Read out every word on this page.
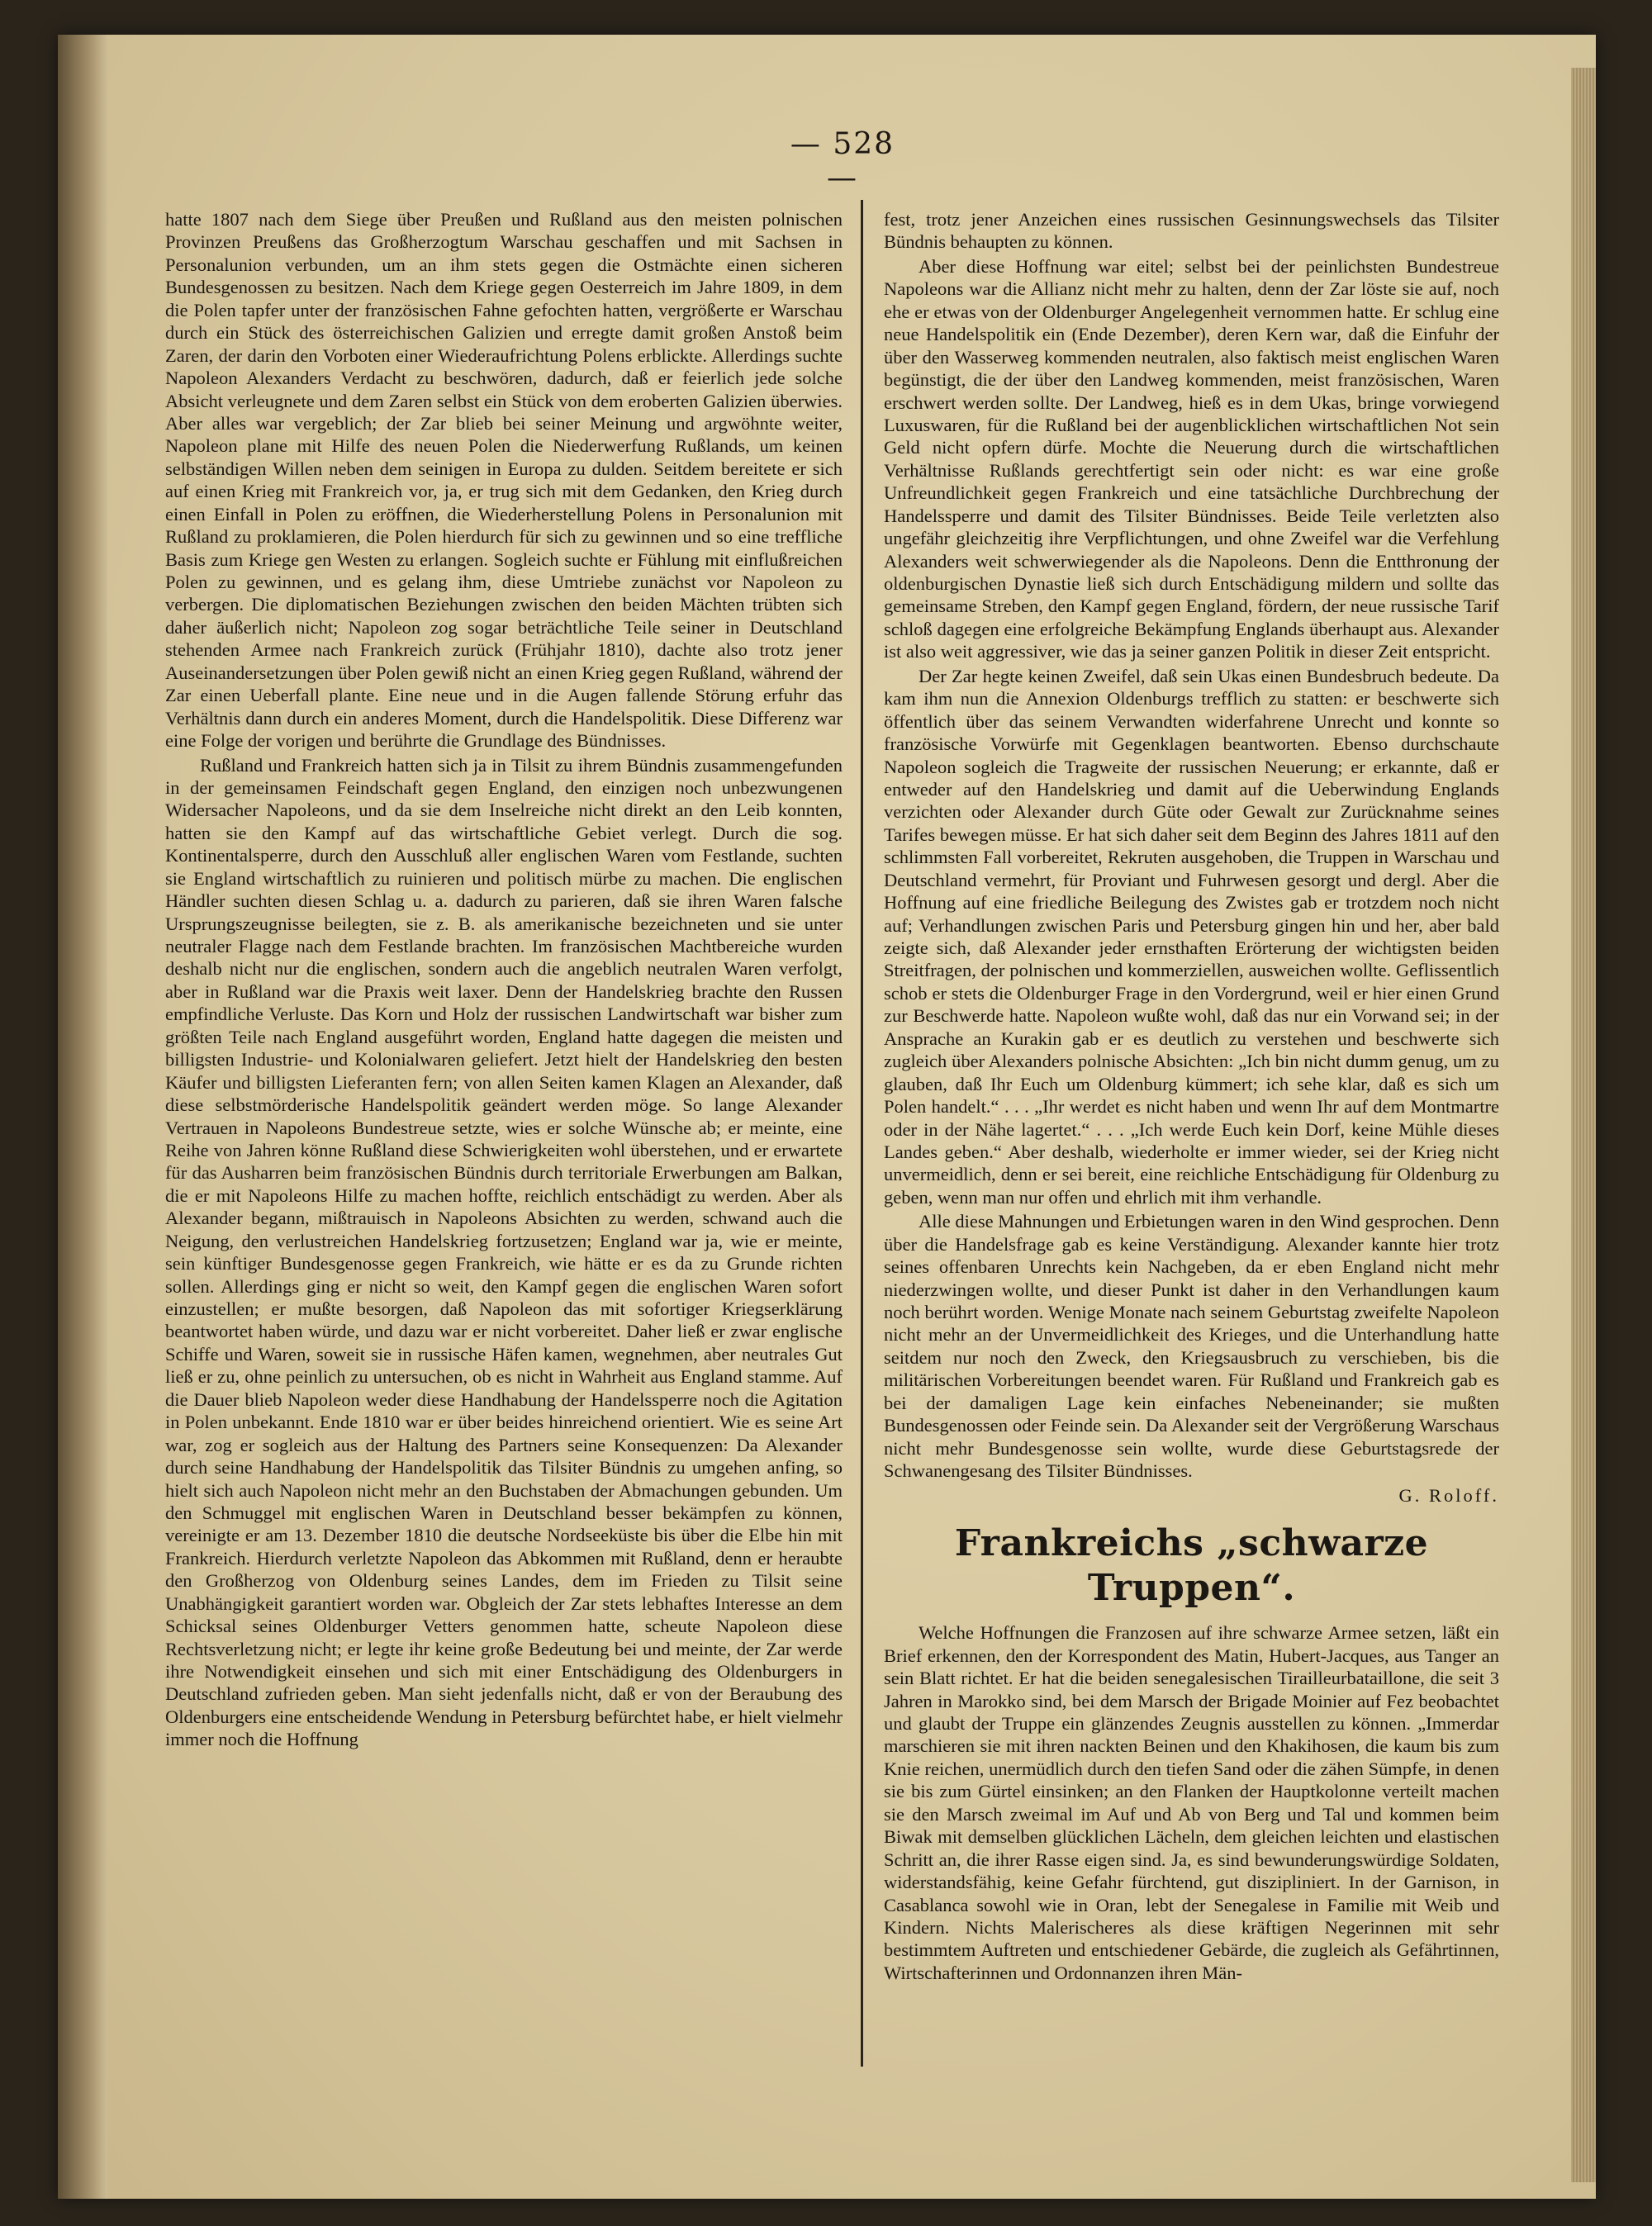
— 528 —

hatte 1807 nach dem Siege über Preußen und Rußland aus den meisten polnischen Provinzen Preußens das Großherzogtum Warschau geschaffen und mit Sachsen in Personalunion verbunden, um an ihm stets gegen die Ostmächte einen sicheren Bundesgenossen zu besitzen. Nach dem Kriege gegen Oesterreich im Jahre 1809, in dem die Polen tapfer unter der französischen Fahne gefochten hatten, vergrößerte er Warschau durch ein Stück des österreichischen Galizien und erregte damit großen Anstoß beim Zaren, der darin den Vorboten einer Wiederaufrichtung Polens erblickte. Allerdings suchte Napoleon Alexanders Verdacht zu beschwören, dadurch, daß er feierlich jede solche Absicht verleugnete und dem Zaren selbst ein Stück von dem eroberten Galizien überwies. Aber alles war vergeblich; der Zar blieb bei seiner Meinung und argwöhnte weiter, Napoleon plane mit Hilfe des neuen Polen die Niederwerfung Rußlands, um keinen selbständigen Willen neben dem seinigen in Europa zu dulden. Seitdem bereitete er sich auf einen Krieg mit Frankreich vor, ja, er trug sich mit dem Gedanken, den Krieg durch einen Einfall in Polen zu eröffnen, die Wiederherstellung Polens in Personalunion mit Rußland zu proklamieren, die Polen hierdurch für sich zu gewinnen und so eine treffliche Basis zum Kriege gen Westen zu erlangen. Sogleich suchte er Fühlung mit einflußreichen Polen zu gewinnen, und es gelang ihm, diese Umtriebe zunächst vor Napoleon zu verbergen. Die diplomatischen Beziehungen zwischen den beiden Mächten trübten sich daher äußerlich nicht; Napoleon zog sogar beträchtliche Teile seiner in Deutschland stehenden Armee nach Frankreich zurück (Frühjahr 1810), dachte also trotz jener Auseinandersetzungen über Polen gewiß nicht an einen Krieg gegen Rußland, während der Zar einen Ueberfall plante. Eine neue und in die Augen fallende Störung erfuhr das Verhältnis dann durch ein anderes Moment, durch die Handelspolitik. Diese Differenz war eine Folge der vorigen und berührte die Grundlage des Bündnisses.

Rußland und Frankreich hatten sich ja in Tilsit zu ihrem Bündnis zusammengefunden in der gemeinsamen Feindschaft gegen England, den einzigen noch unbezwungenen Widersacher Napoleons, und da sie dem Inselreiche nicht direkt an den Leib konnten, hatten sie den Kampf auf das wirtschaftliche Gebiet verlegt. Durch die sog. Kontinentalsperre, durch den Ausschluß aller englischen Waren vom Festlande, suchten sie England wirtschaftlich zu ruinieren und politisch mürbe zu machen. Die englischen Händler suchten diesen Schlag u. a. dadurch zu parieren, daß sie ihren Waren falsche Ursprungszeugnisse beilegten, sie z. B. als amerikanische bezeichneten und sie unter neutraler Flagge nach dem Festlande brachten. Im französischen Machtbereiche wurden deshalb nicht nur die englischen, sondern auch die angeblich neutralen Waren verfolgt, aber in Rußland war die Praxis weit laxer. Denn der Handelskrieg brachte den Russen empfindliche Verluste. Das Korn und Holz der russischen Landwirtschaft war bisher zum größten Teile nach England ausgeführt worden, England hatte dagegen die meisten und billigsten Industrie- und Kolonialwaren geliefert. Jetzt hielt der Handelskrieg den besten Käufer und billigsten Lieferanten fern; von allen Seiten kamen Klagen an Alexander, daß diese selbstmörderische Handelspolitik geändert werden möge. So lange Alexander Vertrauen in Napoleons Bundestreue setzte, wies er solche Wünsche ab; er meinte, eine Reihe von Jahren könne Rußland diese Schwierigkeiten wohl überstehen, und er erwartete für das Ausharren beim französischen Bündnis durch territoriale Erwerbungen am Balkan, die er mit Napoleons Hilfe zu machen hoffte, reichlich entschädigt zu werden. Aber als Alexander begann, mißtrauisch in Napoleons Absichten zu werden, schwand auch die Neigung, den verlustreichen Handelskrieg fortzusetzen; England war ja, wie er meinte, sein künftiger Bundesgenosse gegen Frankreich, wie hätte er es da zu Grunde richten sollen. Allerdings ging er nicht so weit, den Kampf gegen die englischen Waren sofort einzustellen; er mußte besorgen, daß Napoleon das mit sofortiger Kriegserklärung beantwortet haben würde, und dazu war er nicht vorbereitet. Daher ließ er zwar englische Schiffe und Waren, soweit sie in russische Häfen kamen, wegnehmen, aber neutrales Gut ließ er zu, ohne peinlich zu untersuchen, ob es nicht in Wahrheit aus England stamme. Auf die Dauer blieb Napoleon weder diese Handhabung der Handelssperre noch die Agitation in Polen unbekannt. Ende 1810 war er über beides hinreichend orientiert. Wie es seine Art war, zog er sogleich aus der Haltung des Partners seine Konsequenzen: Da Alexander durch seine Handhabung der Handelspolitik das Tilsiter Bündnis zu umgehen anfing, so hielt sich auch Napoleon nicht mehr an den Buchstaben der Abmachungen gebunden. Um den Schmuggel mit englischen Waren in Deutschland besser bekämpfen zu können, vereinigte er am 13. Dezember 1810 die deutsche Nordseeküste bis über die Elbe hin mit Frankreich. Hierdurch verletzte Napoleon das Abkommen mit Rußland, denn er heraubte den Großherzog von Oldenburg seines Landes, dem im Frieden zu Tilsit seine Unabhängigkeit garantiert worden war. Obgleich der Zar stets lebhaftes Interesse an dem Schicksal seines Oldenburger Vetters genommen hatte, scheute Napoleon diese Rechtsverletzung nicht; er legte ihr keine große Bedeutung bei und meinte, der Zar werde ihre Notwendigkeit einsehen und sich mit einer Entschädigung des Oldenburgers in Deutschland zufrieden geben. Man sieht jedenfalls nicht, daß er von der Beraubung des Oldenburgers eine entscheidende Wendung in Petersburg befürchtet habe, er hielt vielmehr immer noch die Hoffnung

fest, trotz jener Anzeichen eines russischen Gesinnungswechsels das Tilsiter Bündnis behaupten zu können.

Aber diese Hoffnung war eitel; selbst bei der peinlichsten Bundestreue Napoleons war die Allianz nicht mehr zu halten, denn der Zar löste sie auf, noch ehe er etwas von der Oldenburger Angelegenheit vernommen hatte. Er schlug eine neue Handelspolitik ein (Ende Dezember), deren Kern war, daß die Einfuhr der über den Wasserweg kommenden neutralen, also faktisch meist englischen Waren begünstigt, die der über den Landweg kommenden, meist französischen, Waren erschwert werden sollte. Der Landweg, hieß es in dem Ukas, bringe vorwiegend Luxuswaren, für die Rußland bei der augenblicklichen wirtschaftlichen Not sein Geld nicht opfern dürfe. Mochte die Neuerung durch die wirtschaftlichen Verhältnisse Rußlands gerechtfertigt sein oder nicht: es war eine große Unfreundlichkeit gegen Frankreich und eine tatsächliche Durchbrechung der Handelssperre und damit des Tilsiter Bündnisses. Beide Teile verletzten also ungefähr gleichzeitig ihre Verpflichtungen, und ohne Zweifel war die Verfehlung Alexanders weit schwerwiegender als die Napoleons. Denn die Entthronung der oldenburgischen Dynastie ließ sich durch Entschädigung mildern und sollte das gemeinsame Streben, den Kampf gegen England, fördern, der neue russische Tarif schloß dagegen eine erfolgreiche Bekämpfung Englands überhaupt aus. Alexander ist also weit aggressiver, wie das ja seiner ganzen Politik in dieser Zeit entspricht.

Der Zar hegte keinen Zweifel, daß sein Ukas einen Bundesbruch bedeute. Da kam ihm nun die Annexion Oldenburgs trefflich zu statten: er beschwerte sich öffentlich über das seinem Verwandten widerfahrene Unrecht und konnte so französische Vorwürfe mit Gegenklagen beantworten. Ebenso durchschaute Napoleon sogleich die Tragweite der russischen Neuerung; er erkannte, daß er entweder auf den Handelskrieg und damit auf die Ueberwindung Englands verzichten oder Alexander durch Güte oder Gewalt zur Zurücknahme seines Tarifes bewegen müsse. Er hat sich daher seit dem Beginn des Jahres 1811 auf den schlimmsten Fall vorbereitet, Rekruten ausgehoben, die Truppen in Warschau und Deutschland vermehrt, für Proviant und Fuhrwesen gesorgt und dergl. Aber die Hoffnung auf eine friedliche Beilegung des Zwistes gab er trotzdem noch nicht auf; Verhandlungen zwischen Paris und Petersburg gingen hin und her, aber bald zeigte sich, daß Alexander jeder ernsthaften Erörterung der wichtigsten beiden Streitfragen, der polnischen und kommerziellen, ausweichen wollte. Geflissentlich schob er stets die Oldenburger Frage in den Vordergrund, weil er hier einen Grund zur Beschwerde hatte. Napoleon wußte wohl, daß das nur ein Vorwand sei; in der Ansprache an Kurakin gab er es deutlich zu verstehen und beschwerte sich zugleich über Alexanders polnische Absichten: „Ich bin nicht dumm genug, um zu glauben, daß Ihr Euch um Oldenburg kümmert; ich sehe klar, daß es sich um Polen handelt.“ . . . „Ihr werdet es nicht haben und wenn Ihr auf dem Montmartre oder in der Nähe lagertet.“ . . . „Ich werde Euch kein Dorf, keine Mühle dieses Landes geben.“ Aber deshalb, wiederholte er immer wieder, sei der Krieg nicht unvermeidlich, denn er sei bereit, eine reichliche Entschädigung für Oldenburg zu geben, wenn man nur offen und ehrlich mit ihm verhandle.

Alle diese Mahnungen und Erbietungen waren in den Wind gesprochen. Denn über die Handelsfrage gab es keine Verständigung. Alexander kannte hier trotz seines offenbaren Unrechts kein Nachgeben, da er eben England nicht mehr niederzwingen wollte, und dieser Punkt ist daher in den Verhandlungen kaum noch berührt worden. Wenige Monate nach seinem Geburtstag zweifelte Napoleon nicht mehr an der Unvermeidlichkeit des Krieges, und die Unterhandlung hatte seitdem nur noch den Zweck, den Kriegsausbruch zu verschieben, bis die militärischen Vorbereitungen beendet waren. Für Rußland und Frankreich gab es bei der damaligen Lage kein einfaches Nebeneinander; sie mußten Bundesgenossen oder Feinde sein. Da Alexander seit der Vergrößerung Warschaus nicht mehr Bundesgenosse sein wollte, wurde diese Geburtstagsrede der Schwanengesang des Tilsiter Bündnisses.

G. Roloff.
Frankreichs „schwarze Truppen“.

Welche Hoffnungen die Franzosen auf ihre schwarze Armee setzen, läßt ein Brief erkennen, den der Korrespondent des Matin, Hubert-Jacques, aus Tanger an sein Blatt richtet. Er hat die beiden senegalesischen Tirailleurbataillone, die seit 3 Jahren in Marokko sind, bei dem Marsch der Brigade Moinier auf Fez beobachtet und glaubt der Truppe ein glänzendes Zeugnis ausstellen zu können. „Immerdar marschieren sie mit ihren nackten Beinen und den Khakihosen, die kaum bis zum Knie reichen, unermüdlich durch den tiefen Sand oder die zähen Sümpfe, in denen sie bis zum Gürtel einsinken; an den Flanken der Hauptkolonne verteilt machen sie den Marsch zweimal im Auf und Ab von Berg und Tal und kommen beim Biwak mit demselben glücklichen Lächeln, dem gleichen leichten und elastischen Schritt an, die ihrer Rasse eigen sind. Ja, es sind bewunderungswürdige Soldaten, widerstandsfähig, keine Gefahr fürchtend, gut diszipliniert. In der Garnison, in Casablanca sowohl wie in Oran, lebt der Senegalese in Familie mit Weib und Kindern. Nichts Malerischeres als diese kräftigen Negerinnen mit sehr bestimmtem Auftreten und entschiedener Gebärde, die zugleich als Gefährtinnen, Wirtschafterinnen und Ordonnanzen ihren Män-
